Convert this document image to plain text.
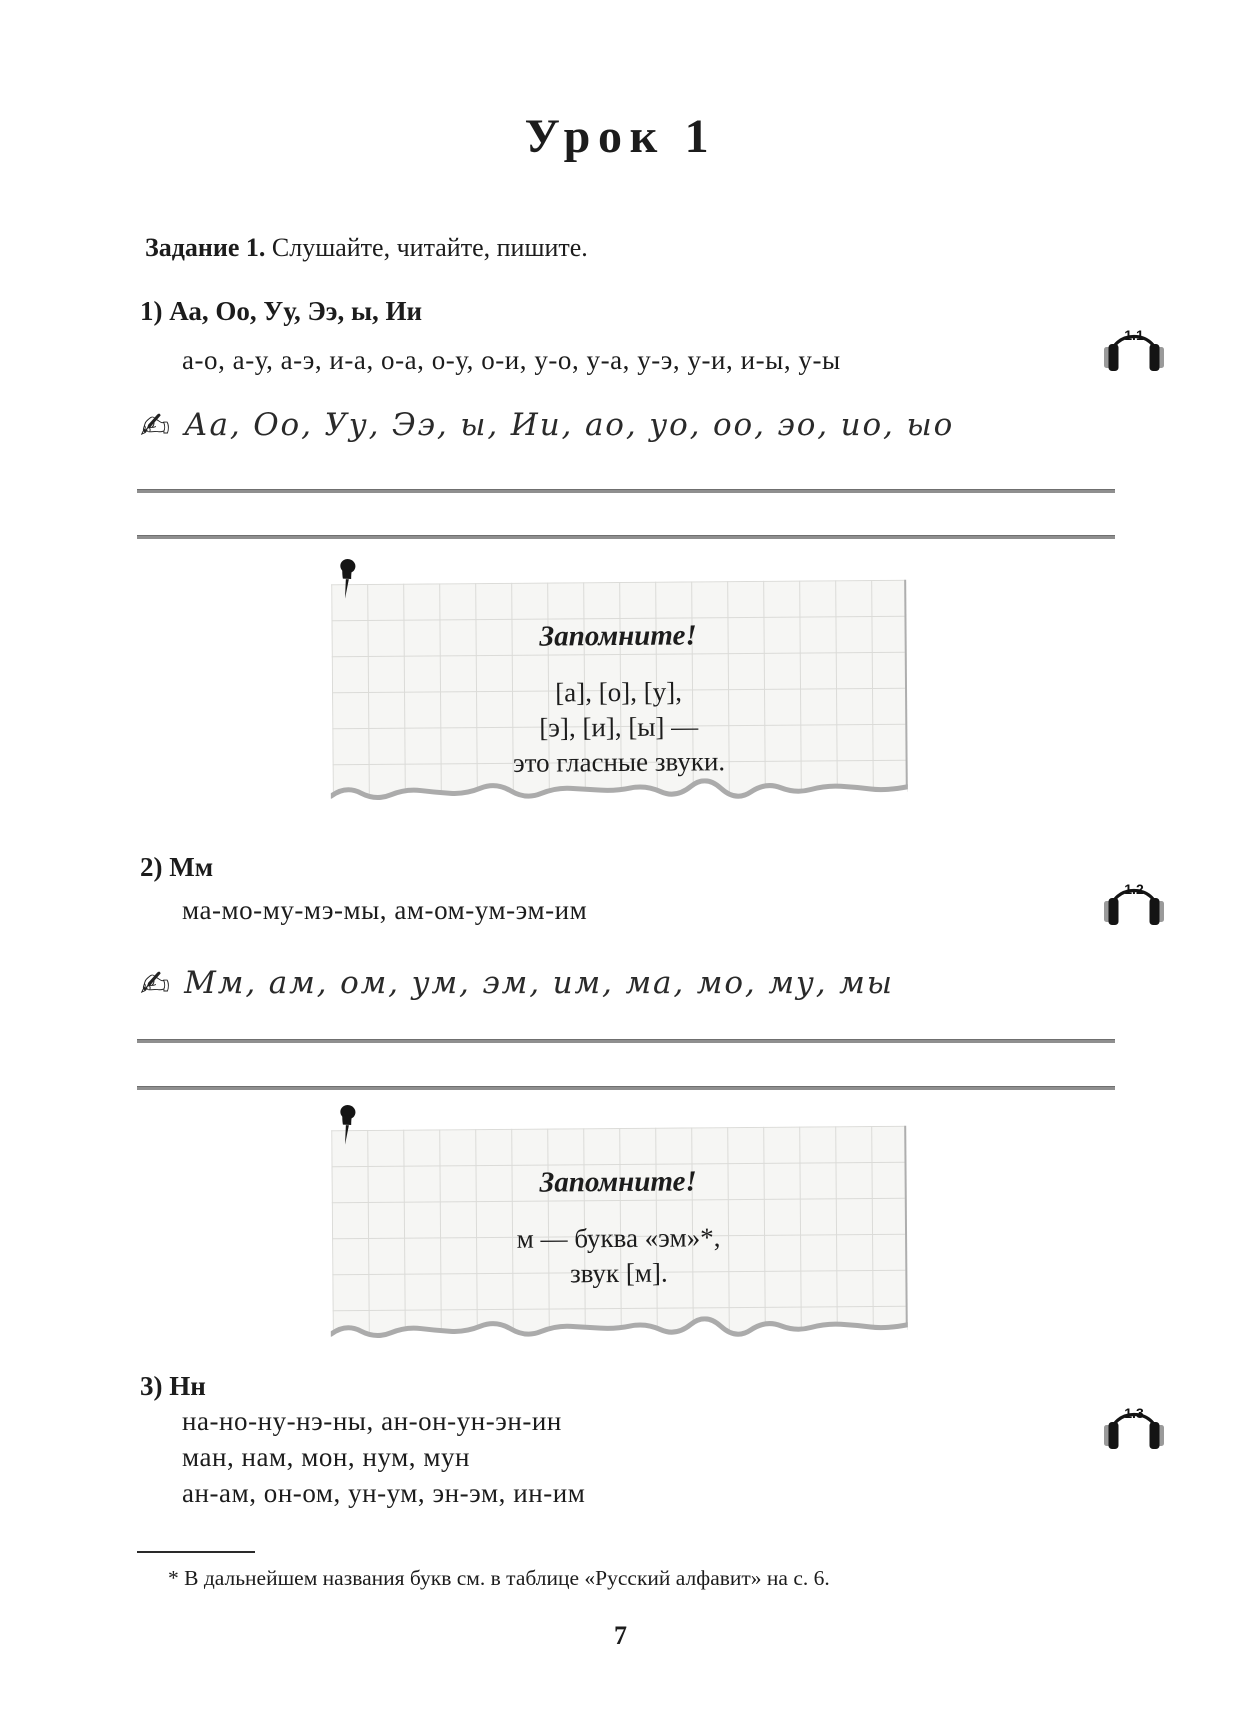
Урок 1
Задание 1. Слушайте, читайте, пишите.
1) Аа, Оо, Уу, Ээ, ы, Ии
а-о, а-у, а-э, и-а, о-а, о-у, о-и, у-о, у-а, у-э, у-и, и-ы, у-ы
1.1
✍ Аа, Оо, Уу, Ээ, ы, Ии, ао, уо, оо, эо, ио, ыо
Запомните!
[а], [о], [у],
[э], [и], [ы] —
это гласные звуки.
2) Мм
ма-мо-му-мэ-мы, ам-ом-ум-эм-им
1.2
✍ Мм, ам, ом, ум, эм, им, ма, мо, му, мы
Запомните!
м — буква «эм»*,
звук [м].
3) Нн
на-но-ну-нэ-ны, ан-он-ун-эн-ин
ман, нам, мон, нум, мун
ан-ам, он-ом, ун-ум, эн-эм, ин-им
1.3
* В дальнейшем названия букв см. в таблице «Русский алфавит» на с. 6.
7
